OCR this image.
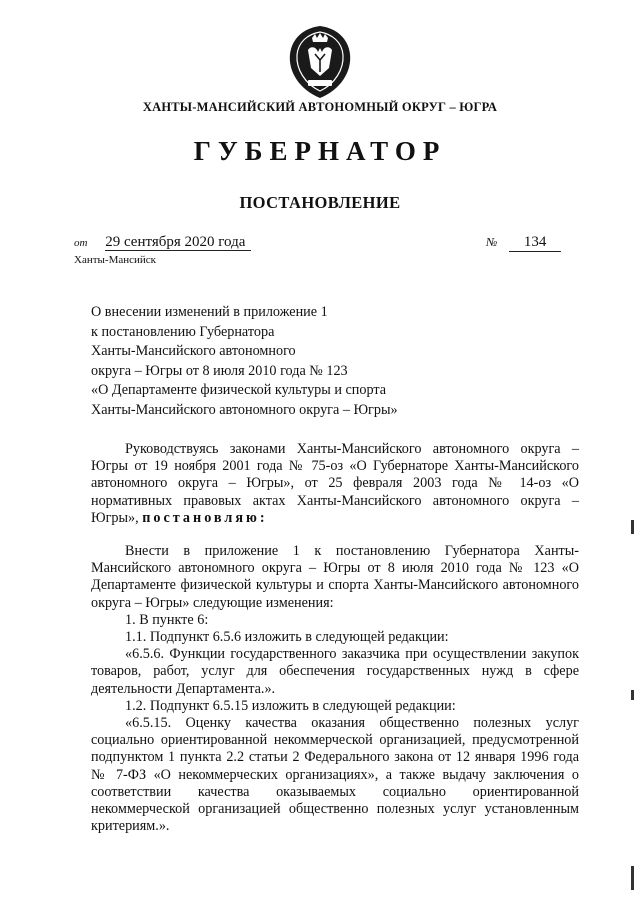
ХАНТЫ-МАНСИЙСКИЙ АВТОНОМНЫЙ ОКРУГ – ЮГРА
ГУБЕРНАТОР
ПОСТАНОВЛЕНИЕ
от 29 сентября 2020 года	№ 134
Ханты-Мансийск
О внесении изменений в приложение 1
к постановлению Губернатора
Ханты-Мансийского автономного
округа – Югры от 8 июля 2010 года № 123
«О Департаменте физической культуры и спорта
Ханты-Мансийского автономного округа – Югры»

Руководствуясь законами Ханты-Мансийского автономного округа – Югры от 19 ноября 2001 года № 75-оз «О Губернаторе Ханты-Мансийского автономного округа – Югры», от 25 февраля 2003 года № 14-оз «О нормативных правовых актах Ханты-Мансийского автономного округа – Югры», постановляю:

Внести в приложение 1 к постановлению Губернатора Ханты-Мансийского автономного округа – Югры от 8 июля 2010 года № 123 «О Департаменте физической культуры и спорта Ханты-Мансийского автономного округа – Югры» следующие изменения:

1. В пункте 6:

1.1. Подпункт 6.5.6 изложить в следующей редакции:

«6.5.6. Функции государственного заказчика при осуществлении закупок товаров, работ, услуг для обеспечения государственных нужд в сфере деятельности Департамента.».

1.2. Подпункт 6.5.15 изложить в следующей редакции:

«6.5.15. Оценку качества оказания общественно полезных услуг социально ориентированной некоммерческой организацией, предусмотренной подпунктом 1 пункта 2.2 статьи 2 Федерального закона от 12 января 1996 года № 7-ФЗ «О некоммерческих организациях», а также выдачу заключения о соответствии качества оказываемых социально ориентированной некоммерческой организацией общественно полезных услуг установленным критериям.».
